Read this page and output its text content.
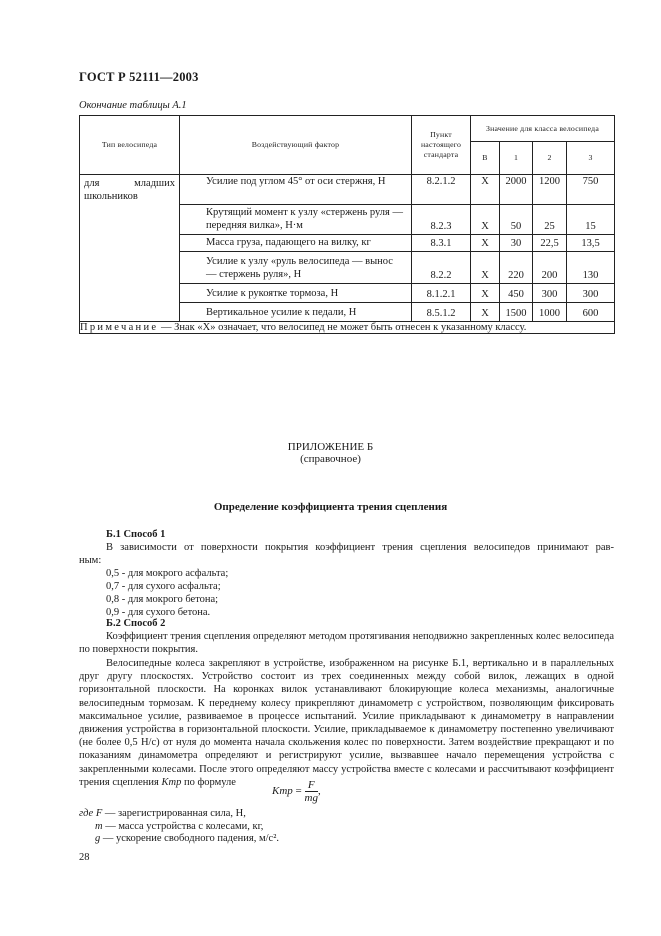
ГОСТ Р 52111—2003
Окончание таблицы А.1
Тип велосипеда	Воздействующий фактор	Пункт настоящего стандарта	Значение для класса велосипеда			
			В	1	2	3
для младших школьников	Усилие под углом 45° от оси стержня, Н	8.2.1.2	Х	2000	1200	750
	Крутящий момент к узлу «стержень руля — передняя вилка», Н·м	8.2.3	Х	50	25	15
	Масса груза, падающего на вилку, кг	8.3.1	Х	30	22,5	13,5
	Усилие к узлу «руль велосипеда — вынос — стержень руля», Н	8.2.2	Х	220	200	130
	Усилие к рукоятке тормоза, Н	8.1.2.1	Х	450	300	300
	Вертикальное усилие к педали, Н	8.5.1.2	Х	1500	1000	600
Примечание — Знак «Х» означает, что велосипед не может быть отнесен к указанному классу.						
ПРИЛОЖЕНИЕ Б
(справочное)
Определение коэффициента трения сцепления
Б.1 Способ 1
В зависимости от поверхности покрытия коэффициент трения сцепления велосипедов принимают рав-
ным:
0,5 - для мокрого асфальта;
0,7 - для сухого асфальта;
0,8 - для мокрого бетона;
0,9 - для сухого бетона.
Б.2 Способ 2
Коэффициент трения сцепления определяют методом протягивания неподвижно закрепленных колес велосипеда по поверхности покрытия.
Велосипедные колеса закрепляют в устройстве, изображенном на рисунке Б.1, вертикально и в параллельных друг другу плоскостях. Устройство состоит из трех соединенных между собой вилок, лежащих в одной горизонтальной плоскости. На коронках вилок устанавливают блокирующие колеса механизмы, аналогичные велосипедным тормозам. К переднему колесу прикрепляют динамометр с устройством, позволяющим фиксировать максимальное усилие, развиваемое в процессе испытаний. Усилие прикладывают к динамометру в направлении движения устройства в горизонтальной плоскости. Усилие, прикладываемое к динамометру постепенно увеличивают (не более 0,5 Н/с) от нуля до момента начала скольжения колес по поверхности. Затем воздействие прекращают и по показаниям динамометра определяют и регистрируют усилие, вызвавшее начало перемещения устройства с закрепленными колесами. После этого определяют массу устройства вместе с колесами и рассчитывают коэффициент трения сцепления Kтр по формуле
Kтр = $\frac{F}{mg}$ ,
где F — зарегистрированная сила, Н,
m — масса устройства с колесами, кг,
g — ускорение свободного падения, м/с².
28
